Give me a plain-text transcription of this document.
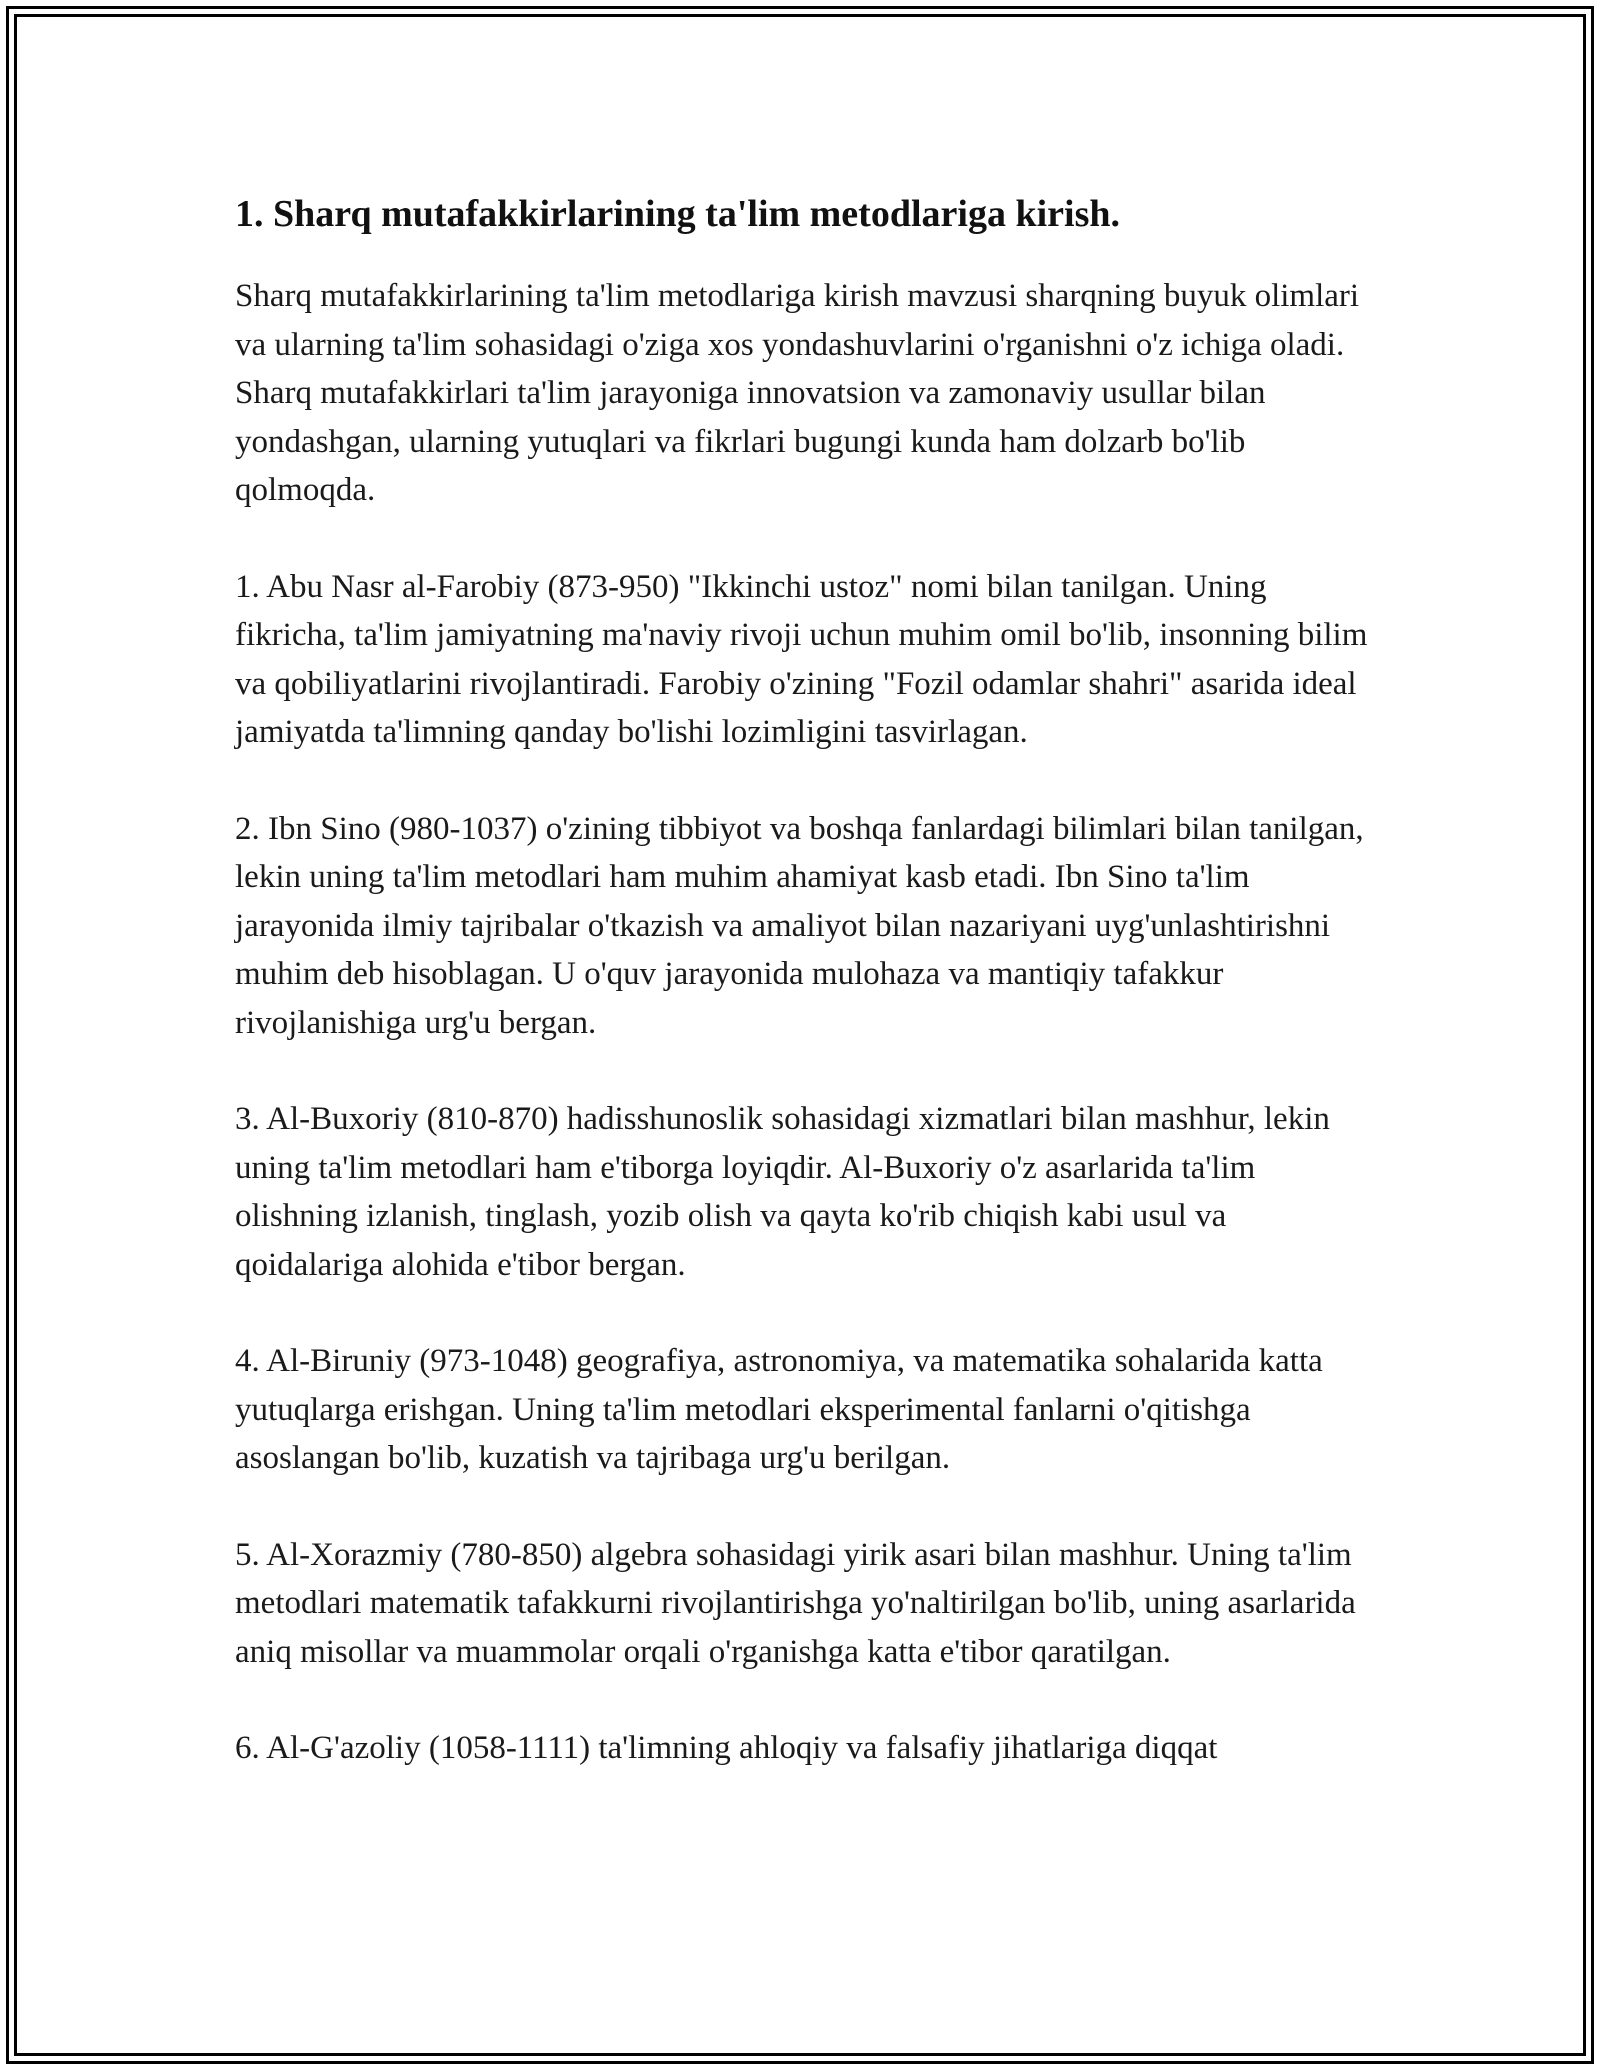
1. Sharq mutafakkirlarining ta'lim metodlariga kirish.

Sharq mutafakkirlarining ta'lim metodlariga kirish mavzusi sharqning buyuk olimlari va ularning ta'lim sohasidagi o'ziga xos yondashuvlarini o'rganishni o'z ichiga oladi. Sharq mutafakkirlari ta'lim jarayoniga innovatsion va zamonaviy usullar bilan yondashgan, ularning yutuqlari va fikrlari bugungi kunda ham dolzarb bo'lib qolmoqda.

1. Abu Nasr al-Farobiy (873-950) "Ikkinchi ustoz" nomi bilan tanilgan. Uning fikricha, ta'lim jamiyatning ma'naviy rivoji uchun muhim omil bo'lib, insonning bilim va qobiliyatlarini rivojlantiradi. Farobiy o'zining "Fozil odamlar shahri" asarida ideal jamiyatda ta'limning qanday bo'lishi lozimligini tasvirlagan.

2. Ibn Sino (980-1037) o'zining tibbiyot va boshqa fanlardagi bilimlari bilan tanilgan, lekin uning ta'lim metodlari ham muhim ahamiyat kasb etadi. Ibn Sino ta'lim jarayonida ilmiy tajribalar o'tkazish va amaliyot bilan nazariyani uyg'unlashtirishni muhim deb hisoblagan. U o'quv jarayonida mulohaza va mantiqiy tafakkur rivojlanishiga urg'u bergan.

3. Al-Buxoriy (810-870) hadisshunoslik sohasidagi xizmatlari bilan mashhur, lekin uning ta'lim metodlari ham e'tiborga loyiqdir. Al-Buxoriy o'z asarlarida ta'lim olishning izlanish, tinglash, yozib olish va qayta ko'rib chiqish kabi usul va qoidalariga alohida e'tibor bergan.

4. Al-Biruniy (973-1048) geografiya, astronomiya, va matematika sohalarida katta yutuqlarga erishgan. Uning ta'lim metodlari eksperimental fanlarni o'qitishga asoslangan bo'lib, kuzatish va tajribaga urg'u berilgan.

5. Al-Xorazmiy (780-850) algebra sohasidagi yirik asari bilan mashhur. Uning ta'lim metodlari matematik tafakkurni rivojlantirishga yo'naltirilgan bo'lib, uning asarlarida aniq misollar va muammolar orqali o'rganishga katta e'tibor qaratilgan.

6. Al-G'azoliy (1058-1111) ta'limning ahloqiy va falsafiy jihatlariga diqqat
